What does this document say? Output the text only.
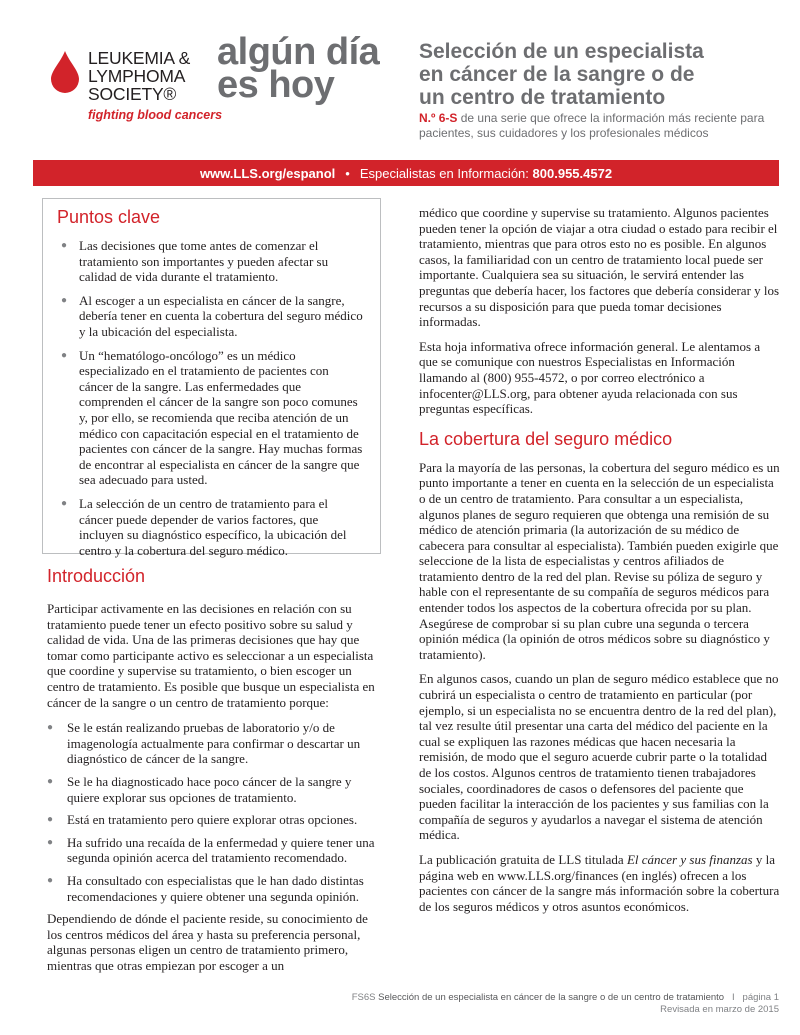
LEUKEMIA &
LYMPHOMA
SOCIETY®
fighting blood cancers
algún día
es hoy
Selección de un especialista
en cáncer de la sangre o de
un centro de tratamiento
N.º 6-S de una serie que ofrece la información más reciente para pacientes, sus cuidadores y los profesionales médicos
www.LLS.org/espanol • Especialistas en Información: 800.955.4572
Puntos clave
● Las decisiones que tome antes de comenzar el tratamiento son importantes y pueden afectar su calidad de vida durante el tratamiento.
● Al escoger a un especialista en cáncer de la sangre, debería tener en cuenta la cobertura del seguro médico y la ubicación del especialista.
● Un “hematólogo-oncólogo” es un médico especializado en el tratamiento de pacientes con cáncer de la sangre. Las enfermedades que comprenden el cáncer de la sangre son poco comunes y, por ello, se recomienda que reciba atención de un médico con capacitación especial en el tratamiento de pacientes con cáncer de la sangre. Hay muchas formas de encontrar al especialista en cáncer de la sangre que sea adecuado para usted.
● La selección de un centro de tratamiento para el cáncer puede depender de varios factores, que incluyen su diagnóstico específico, la ubicación del centro y la cobertura del seguro médico.
Introducción

Participar activamente en las decisiones en relación con su tratamiento puede tener un efecto positivo sobre su salud y calidad de vida. Una de las primeras decisiones que hay que tomar como participante activo es seleccionar a un especialista que coordine y supervise su tratamiento, o bien escoger un centro de tratamiento. Es posible que busque un especialista en cáncer de la sangre o un centro de tratamiento porque:

● Se le están realizando pruebas de laboratorio y/o de imagenología actualmente para confirmar o descartar un diagnóstico de cáncer de la sangre.
● Se le ha diagnosticado hace poco cáncer de la sangre y quiere explorar sus opciones de tratamiento.
● Está en tratamiento pero quiere explorar otras opciones.
● Ha sufrido una recaída de la enfermedad y quiere tener una segunda opinión acerca del tratamiento recomendado.
● Ha consultado con especialistas que le han dado distintas recomendaciones y quiere obtener una segunda opinión.

Dependiendo de dónde el paciente reside, su conocimiento de los centros médicos del área y hasta su preferencia personal, algunas personas eligen un centro de tratamiento primero, mientras que otras empiezan por escoger a un

médico que coordine y supervise su tratamiento. Algunos pacientes pueden tener la opción de viajar a otra ciudad o estado para recibir el tratamiento, mientras que para otros esto no es posible. En algunos casos, la familiaridad con un centro de tratamiento local puede ser importante. Cualquiera sea su situación, le servirá entender las preguntas que debería hacer, los factores que debería considerar y los recursos a su disposición para que pueda tomar decisiones informadas.

Esta hoja informativa ofrece información general. Le alentamos a que se comunique con nuestros Especialistas en Información llamando al (800) 955-4572, o por correo electrónico a infocenter@LLS.org, para obtener ayuda relacionada con sus preguntas específicas.

La cobertura del seguro médico

Para la mayoría de las personas, la cobertura del seguro médico es un punto importante a tener en cuenta en la selección de un especialista o de un centro de tratamiento. Para consultar a un especialista, algunos planes de seguro requieren que obtenga una remisión de su médico de atención primaria (la autorización de su médico de cabecera para consultar al especialista). También pueden exigirle que seleccione de la lista de especialistas y centros afiliados de tratamiento dentro de la red del plan. Revise su póliza de seguro y hable con el representante de su compañía de seguros médicos para entender todos los aspectos de la cobertura ofrecida por su plan. Asegúrese de comprobar si su plan cubre una segunda o tercera opinión médica (la opinión de otros médicos sobre su diagnóstico y tratamiento).

En algunos casos, cuando un plan de seguro médico establece que no cubrirá un especialista o centro de tratamiento en particular (por ejemplo, si un especialista no se encuentra dentro de la red del plan), tal vez resulte útil presentar una carta del médico del paciente en la cual se expliquen las razones médicas que hacen necesaria la remisión, de modo que el seguro acuerde cubrir parte o la totalidad de los costos. Algunos centros de tratamiento tienen trabajadores sociales, coordinadores de casos o defensores del paciente que pueden facilitar la interacción de los pacientes y sus familias con la compañía de seguros y ayudarlos a navegar el sistema de atención médica.

La publicación gratuita de LLS titulada El cáncer y sus finanzas y la página web en www.LLS.org/finances (en inglés) ofrecen a los pacientes con cáncer de la sangre más información sobre la cobertura de los seguros médicos y otros asuntos económicos.

FS6S Selección de un especialista en cáncer de la sangre o de un centro de tratamiento I página 1
Revisada en marzo de 2015
